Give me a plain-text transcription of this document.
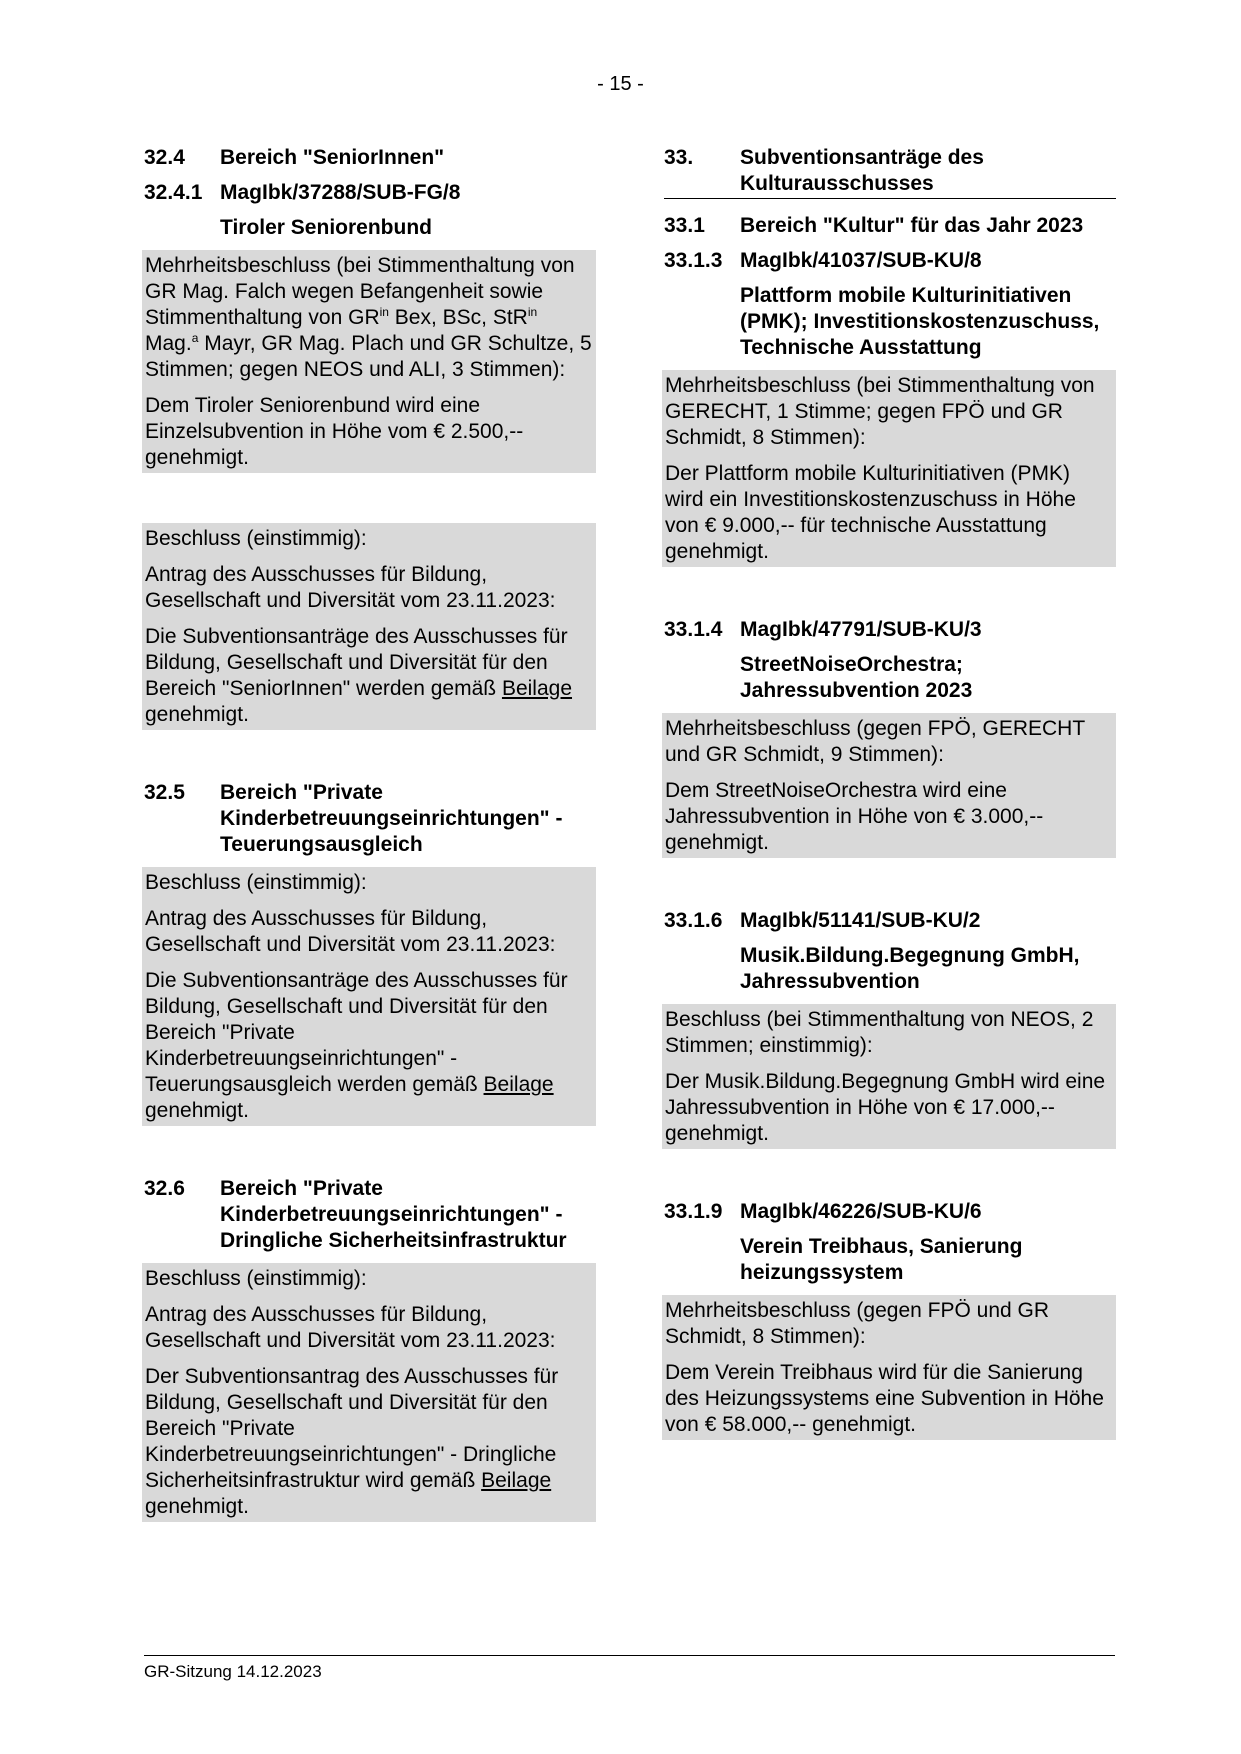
- 15 -
32.4	Bereich "SeniorInnen"
32.4.1 MagIbk/37288/SUB-FG/8
Tiroler Seniorenbund

Mehrheitsbeschluss (bei Stimmenthaltung von GR Mag. Falch wegen Befangenheit sowie Stimmenthaltung von $GR^{in}$ Bex, BSc, StR$^{in}$ Mag.$^a$ Mayr, GR Mag. Plach und GR Schultze, 5 Stimmen; gegen NEOS und ALI, 3 Stimmen):

Dem Tiroler Seniorenbund wird eine Einzelsubvention in Höhe vom € 2.500,-- genehmigt.

Beschluss (einstimmig):

Antrag des Ausschusses für Bildung, Gesellschaft und Diversität vom 23.11.2023:

Die Subventionsanträge des Ausschusses für Bildung, Gesellschaft und Diversität für den Bereich "SeniorInnen" werden gemäß Beilage genehmigt.

32.5	Bereich "Private Kinderbetreuungseinrichtungen" - Teuerungsausgleich

Beschluss (einstimmig):

Antrag des Ausschusses für Bildung, Gesellschaft und Diversität vom 23.11.2023:

Die Subventionsanträge des Ausschusses für Bildung, Gesellschaft und Diversität für den Bereich "Private Kinderbetreuungseinrichtungen" - Teuerungsausgleich werden gemäß Beilage genehmigt.

32.6	Bereich "Private Kinderbetreuungseinrichtungen" - Dringliche Sicherheitsinfrastruktur

Beschluss (einstimmig):

Antrag des Ausschusses für Bildung, Gesellschaft und Diversität vom 23.11.2023:

Der Subventionsantrag des Ausschusses für Bildung, Gesellschaft und Diversität für den Bereich "Private Kinderbetreuungseinrichtungen" - Dringliche Sicherheitsinfrastruktur wird gemäß Beilage genehmigt.

33.	Subventionsanträge des Kulturausschusses
33.1	Bereich "Kultur" für das Jahr 2023
33.1.3 MagIbk/41037/SUB-KU/8
Plattform mobile Kulturinitiativen (PMK); Investitionskostenzuschuss, Technische Ausstattung

Mehrheitsbeschluss (bei Stimmenthaltung von GERECHT, 1 Stimme; gegen FPÖ und GR Schmidt, 8 Stimmen):

Der Plattform mobile Kulturinitiativen (PMK) wird ein Investitionskostenzuschuss in Höhe von € 9.000,-- für technische Ausstattung genehmigt.

33.1.4 MagIbk/47791/SUB-KU/3
StreetNoiseOrchestra; Jahressubvention 2023

Mehrheitsbeschluss (gegen FPÖ, GERECHT und GR Schmidt, 9 Stimmen):

Dem StreetNoiseOrchestra wird eine Jahressubvention in Höhe von € 3.000,-- genehmigt.

33.1.6 MagIbk/51141/SUB-KU/2
Musik.Bildung.Begegnung GmbH, Jahressubvention

Beschluss (bei Stimmenthaltung von NEOS, 2 Stimmen; einstimmig):

Der Musik.Bildung.Begegnung GmbH wird eine Jahressubvention in Höhe von € 17.000,-- genehmigt.

33.1.9 MagIbk/46226/SUB-KU/6
Verein Treibhaus, Sanierung heizungssystem

Mehrheitsbeschluss (gegen FPÖ und GR Schmidt, 8 Stimmen):

Dem Verein Treibhaus wird für die Sanierung des Heizungssystems eine Subvention in Höhe von € 58.000,-- genehmigt.

GR-Sitzung 14.12.2023
